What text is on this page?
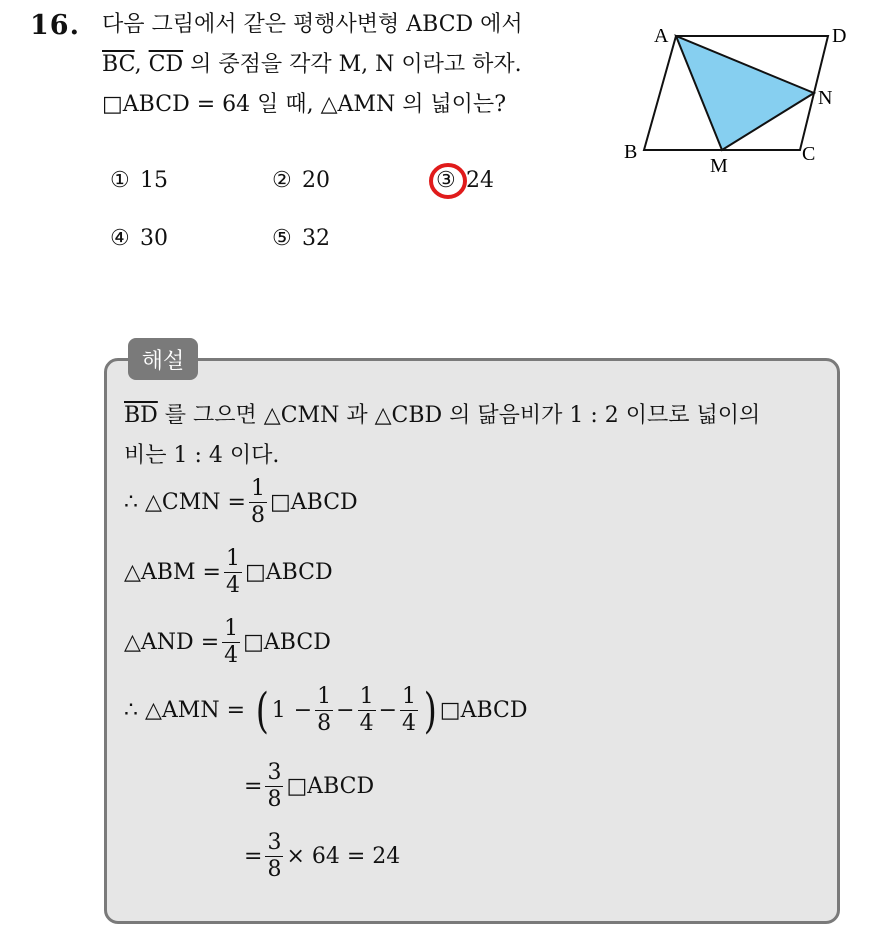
16. 다음 그림에서 같은 평행사변형 ABCD 에서
$\overline{BC}$, $\overline{CD}$ 의 중점을 각각 M, N 이라고 하자.
□ABCD = 64 일 때, △AMN 의 넓이는?
A	D
N
B
M
C
① 15	② 20	③ 24
④ 30	⑤ 32
해설
$\overline{BD}$ 를 그으면 △CMN 과 △CBD 의 닮음비가 1 : 2 이므로 넓이의
비는 1 : 4 이다.
∴ △CMN = $\frac{1}{8}$ □ABCD
△ABM = $\frac{1}{4}$ □ABCD
△AND = $\frac{1}{4}$ □ABCD
∴ △AMN = ( $1 - \frac{1}{8} - \frac{1}{4} - \frac{1}{4}$ ) □ABCD
= $\frac{3}{8}$ □ABCD
= $\frac{3}{8} \times 64 = 24$
